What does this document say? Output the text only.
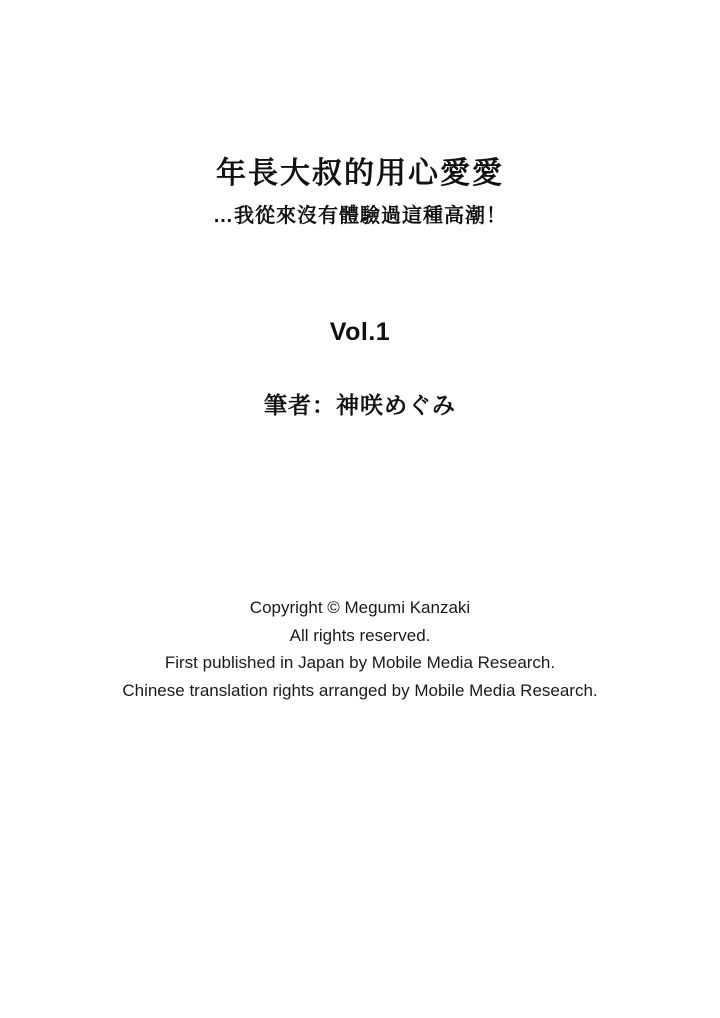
年長大叔的用心愛愛
…我從來沒有體驗過這種高潮！
Vol.1
筆者：神咲めぐみ
Copyright © Megumi Kanzaki
All rights reserved.
First published in Japan by Mobile Media Research.
Chinese translation rights arranged by Mobile Media Research.
